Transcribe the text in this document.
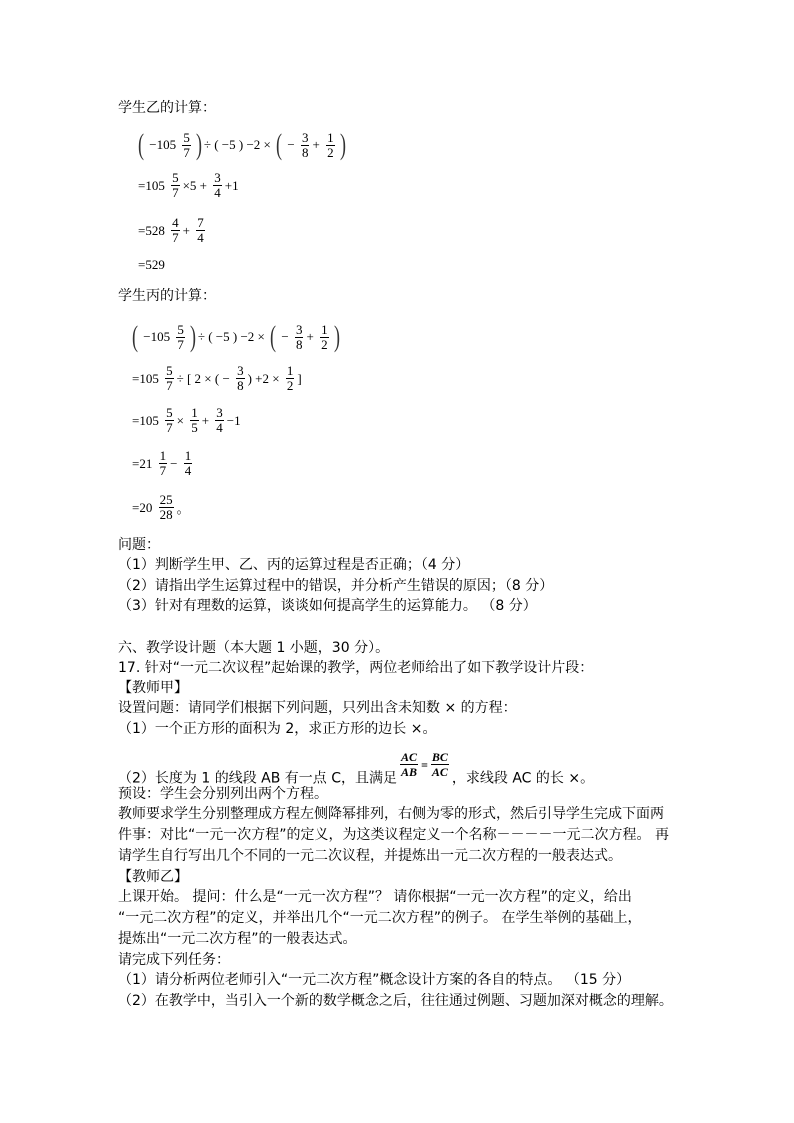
学生乙的计算：
( $-105 \frac{5}{7}$ ) ÷ ( −5 ) −2 × ( − $\frac{3}{8} + \frac{1}{2}$ )
$=105 \frac{5}{7} \times 5 + \frac{3}{4} +1$
$=528 \frac{4}{7} + \frac{7}{4}$
=529
学生丙的计算：
( $-105 \frac{5}{7}$ ) ÷ ( −5 ) −2 × ( − $\frac{3}{8} + \frac{1}{2}$ )
$=105 \frac{5}{7}$ ÷ [ 2 × ( − $\frac{3}{8}$ ) $+2 \times \frac{1}{2}$ ]
$=105 \frac{5}{7} \times \frac{1}{5} + \frac{3}{4} -1$
$=21 \frac{1}{7} - \frac{1}{4}$
$=20 \frac{25}{28}$ 。
问题：
（1）判断学生甲、乙、丙的运算过程是否正确；（4 分）
（2）请指出学生运算过程中的错误，并分析产生错误的原因；（8 分）
（3）针对有理数的运算，谈谈如何提高学生的运算能力。 （8 分）
六、教学设计题（本大题 1 小题，30 分）。
17. 针对“一元二次议程”起始课的教学，两位老师给出了如下教学设计片段：
【教师甲】
设置问题：请同学们根据下列问题，只列出含未知数 × 的方程：
（1）一个正方形的面积为 2，求正方形的边长 ×。
（2）长度为 1 的线段 AB 有一点 C，且满足 $\frac{AC}{AB} = \frac{BC}{AC}$ ，求线段 AC 的长 ×。
预设：学生会分别列出两个方程。
教师要求学生分别整理成方程左侧降幂排列，右侧为零的形式，然后引导学生完成下面两
件事：对比“一元一次方程”的定义，为这类议程定义一个名称－－－－一元二次方程。 再
请学生自行写出几个不同的一元二次议程，并提炼出一元二次方程的一般表达式。
【教师乙】
上课开始。 提问：什么是“一元一次方程”？ 请你根据“一元一次方程”的定义，给出
“一元二次方程”的定义，并举出几个“一元二次方程”的例子。 在学生举例的基础上，
提炼出“一元二次方程”的一般表达式。
请完成下列任务：
（1）请分析两位老师引入“一元二次方程”概念设计方案的各自的特点。 （15 分）
（2）在教学中，当引入一个新的数学概念之后，往往通过例题、习题加深对概念的理解。
